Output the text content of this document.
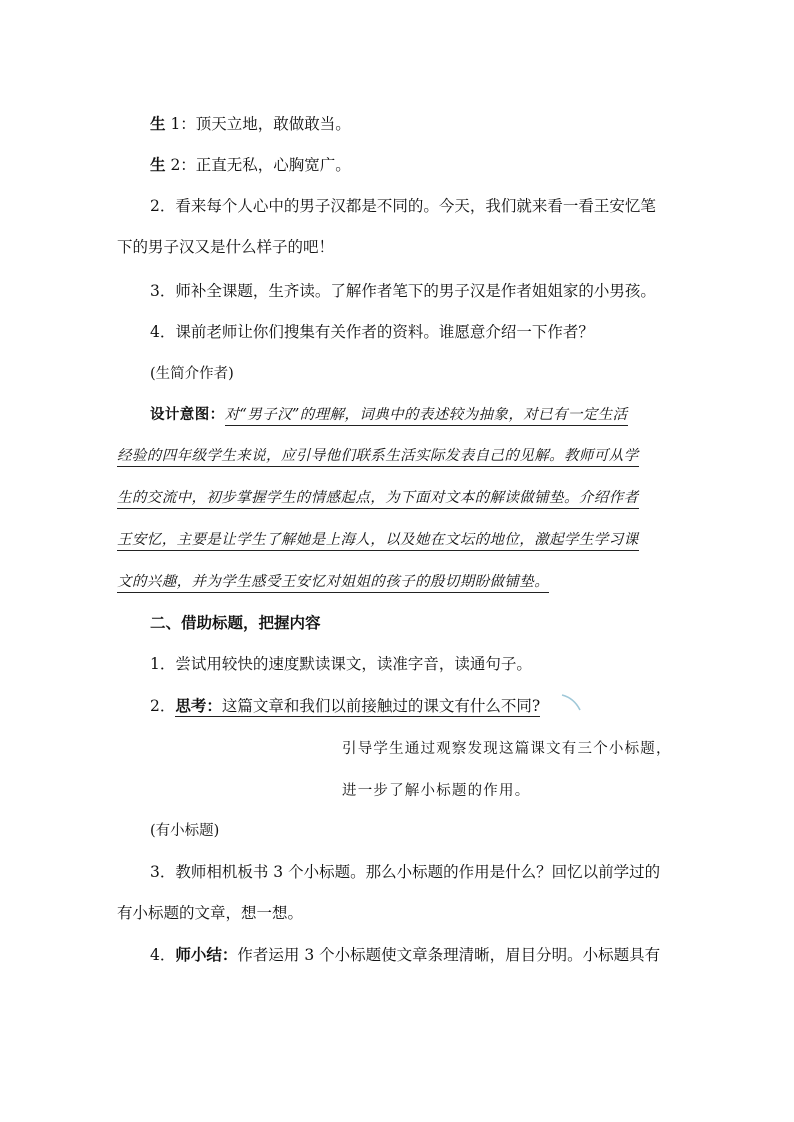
生 1：顶天立地，敢做敢当。
生 2：正直无私，心胸宽广。
2．看来每个人心中的男子汉都是不同的。今天，我们就来看一看王安忆笔
下的男子汉又是什么样子的吧！
3．师补全课题，生齐读。了解作者笔下的男子汉是作者姐姐家的小男孩。
4．课前老师让你们搜集有关作者的资料。谁愿意介绍一下作者？
(生简介作者)
设计意图：对“男子汉”的理解，词典中的表述较为抽象，对已有一定生活
经验的四年级学生来说，应引导他们联系生活实际发表自己的见解。教师可从学
生的交流中，初步掌握学生的情感起点，为下面对文本的解读做铺垫。介绍作者
王安忆，主要是让学生了解她是上海人，以及她在文坛的地位，激起学生学习课
文的兴趣，并为学生感受王安忆对姐姐的孩子的殷切期盼做铺垫。
二、借助标题，把握内容
1．尝试用较快的速度默读课文，读准字音，读通句子。
2．思考：这篇文章和我们以前接触过的课文有什么不同?
引导学生通过观察发现这篇课文有三个小标题，
进一步了解小标题的作用。
(有小标题)
3．教师相机板书 3 个小标题。那么小标题的作用是什么？回忆以前学过的
有小标题的文章，想一想。
4．师小结：作者运用 3 个小标题使文章条理清晰，眉目分明。小标题具有
